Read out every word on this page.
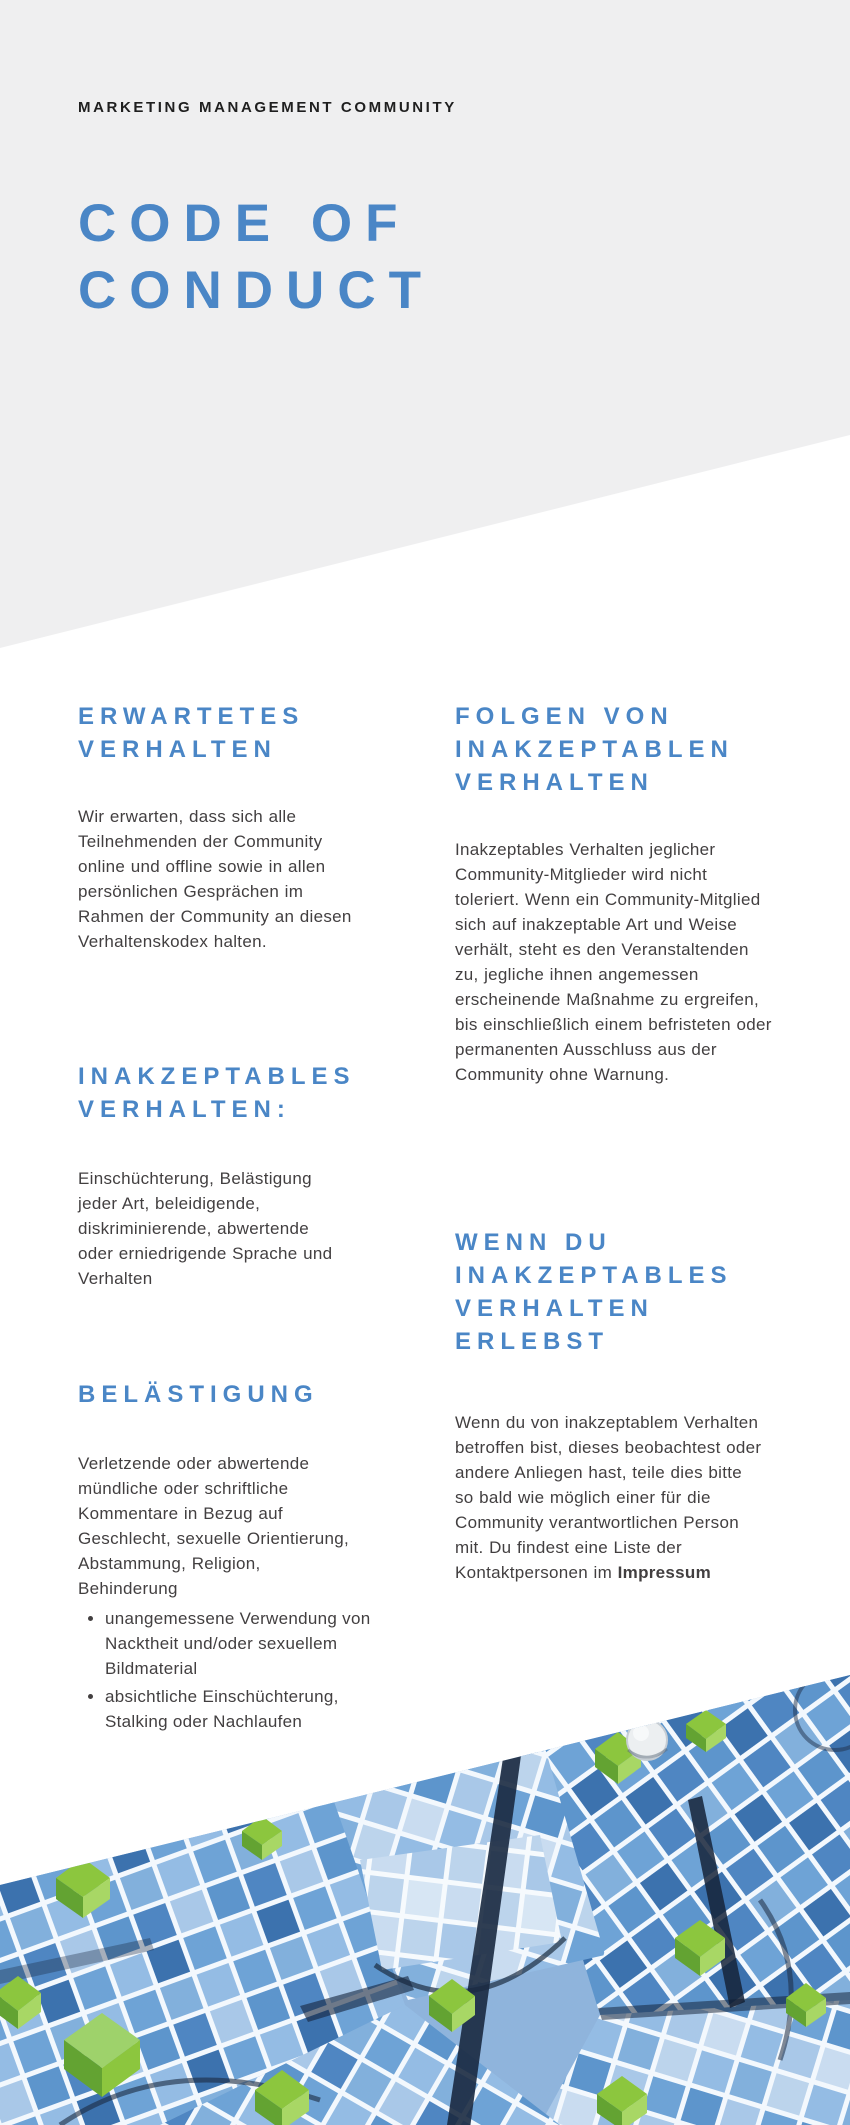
MARKETING MANAGEMENT COMMUNITY
CODE OF
CONDUCT
ERWARTETES VERHALTEN

Wir erwarten, dass sich alle Teilnehmenden der Community online und offline sowie in allen persönlichen Gesprächen im Rahmen der Community an diesen Verhaltenskodex halten.

FOLGEN VON INAKZEPTABLEN VERHALTEN

Inakzeptables Verhalten jeglicher Community-Mitglieder wird nicht toleriert. Wenn ein Community-Mitglied sich auf inakzeptable Art und Weise verhält, steht es den Veranstaltenden zu, jegliche ihnen angemessen erscheinende Maßnahme zu ergreifen, bis einschließlich einem befristeten oder permanenten Ausschluss aus der Community ohne Warnung.

INAKZEPTABLES VERHALTEN:

Einschüchterung, Belästigung jeder Art, beleidigende, diskriminierende, abwertende oder erniedrigende Sprache und Verhalten

WENN DU INAKZEPTABLES VERHALTEN ERLEBST

Wenn du von inakzeptablem Verhalten betroffen bist, dieses beobachtest oder andere Anliegen hast, teile dies bitte so bald wie möglich einer für die Community verantwortlichen Person mit. Du findest eine Liste der Kontaktpersonen im Impressum

BELÄSTIGUNG

Verletzende oder abwertende mündliche oder schriftliche Kommentare in Bezug auf Geschlecht, sexuelle Orientierung, Abstammung, Religion, Behinderung

• unangemessene Verwendung von Nacktheit und/oder sexuellem Bildmaterial
• absichtliche Einschüchterung, Stalking oder Nachlaufen
